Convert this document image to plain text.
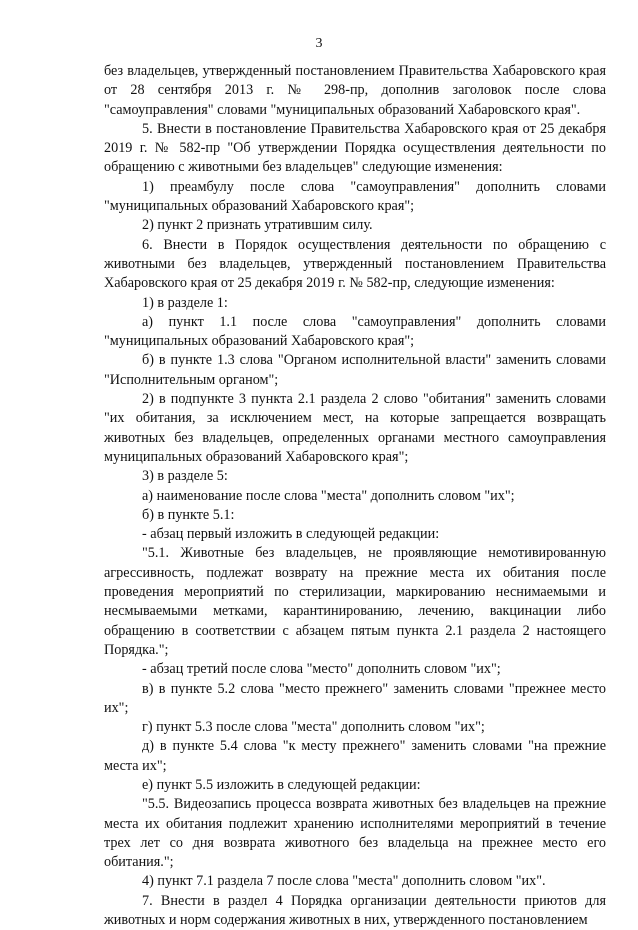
3

без владельцев, утвержденный постановлением Правительства Хабаровского края от 28 сентября 2013 г. № 298-пр, дополнив заголовок после слова "самоуправления" словами "муниципальных образований Хабаровского края".

5. Внести в постановление Правительства Хабаровского края от 25 декабря 2019 г. № 582-пр "Об утверждении Порядка осуществления деятельности по обращению с животными без владельцев" следующие изменения:

1) преамбулу после слова "самоуправления" дополнить словами "муниципальных образований Хабаровского края";

2) пункт 2 признать утратившим силу.

6. Внести в Порядок осуществления деятельности по обращению с животными без владельцев, утвержденный постановлением Правительства Хабаровского края от 25 декабря 2019 г. № 582-пр, следующие изменения:

1) в разделе 1:

а) пункт 1.1 после слова "самоуправления" дополнить словами "муниципальных образований Хабаровского края";

б) в пункте 1.3 слова "Органом исполнительной власти" заменить словами "Исполнительным органом";

2) в подпункте 3 пункта 2.1 раздела 2 слово "обитания" заменить словами "их обитания, за исключением мест, на которые запрещается возвращать животных без владельцев, определенных органами местного самоуправления муниципальных образований Хабаровского края";

3) в разделе 5:

а) наименование после слова "места" дополнить словом "их";

б) в пункте 5.1:

- абзац первый изложить в следующей редакции:

"5.1. Животные без владельцев, не проявляющие немотивированную агрессивность, подлежат возврату на прежние места их обитания после проведения мероприятий по стерилизации, маркированию неснимаемыми и несмываемыми метками, карантинированию, лечению, вакцинации либо обращению в соответствии с абзацем пятым пункта 2.1 раздела 2 настоящего Порядка.";

- абзац третий после слова "место" дополнить словом "их";

в) в пункте 5.2 слова "место прежнего" заменить словами "прежнее место их";

г) пункт 5.3 после слова "места" дополнить словом "их";

д) в пункте 5.4 слова "к месту прежнего" заменить словами "на прежние места их";

е) пункт 5.5 изложить в следующей редакции:

"5.5. Видеозапись процесса возврата животных без владельцев на прежние места их обитания подлежит хранению исполнителями мероприятий в течение трех лет со дня возврата животного без владельца на прежнее место его обитания.";

4) пункт 7.1 раздела 7 после слова "места" дополнить словом "их".

7. Внести в раздел 4 Порядка организации деятельности приютов для животных и норм содержания животных в них, утвержденного постановлением
